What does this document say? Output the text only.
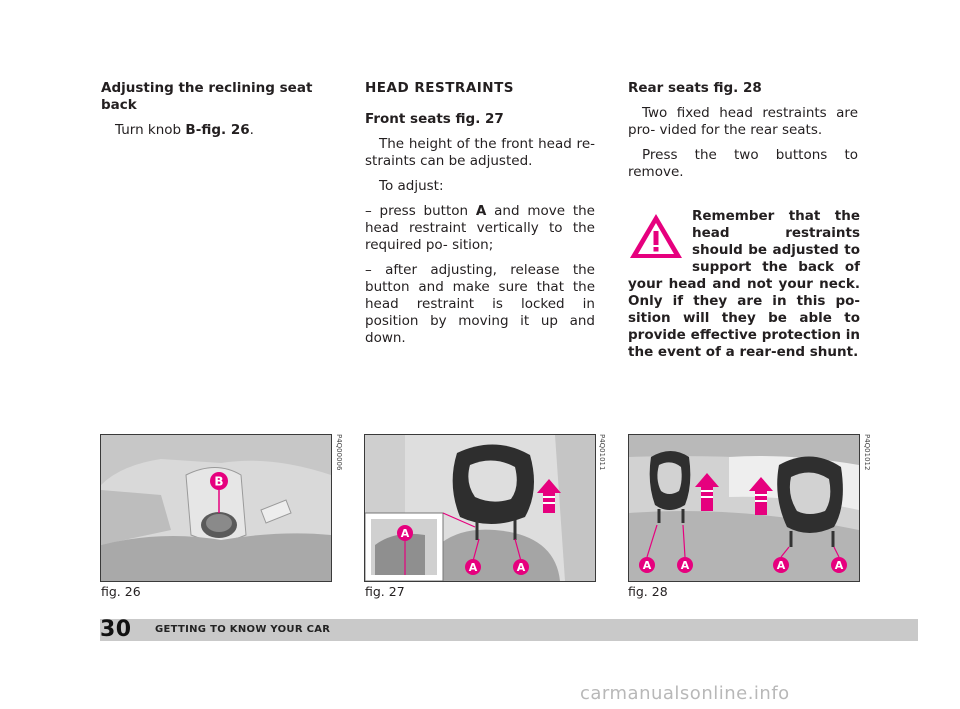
Adjusting the reclining seat back

Turn knob B-fig. 26.

HEAD RESTRAINTS

Front seats fig. 27

The height of the front head re- straints can be adjusted.

To adjust:

– press button A and move the head restraint vertically to the required po- sition;

– after adjusting, release the button and make sure that the head restraint is locked in position by moving it up and down.

Rear seats fig. 28

Two fixed head restraints are pro- vided for the rear seats.

Press the two buttons to remove.

Remember that the head restraints should be adjusted to support the back of your head and not your neck. Only if they are in this po- sition will they be able to provide effective protection in the event of a rear-end shunt.

B
P4Q00006
fig. 26
A
A	A
P4Q01011
fig. 27
A	A	A	A
P4Q01012
fig. 28
30 GETTING TO KNOW YOUR CAR
carmanualsonline.info
